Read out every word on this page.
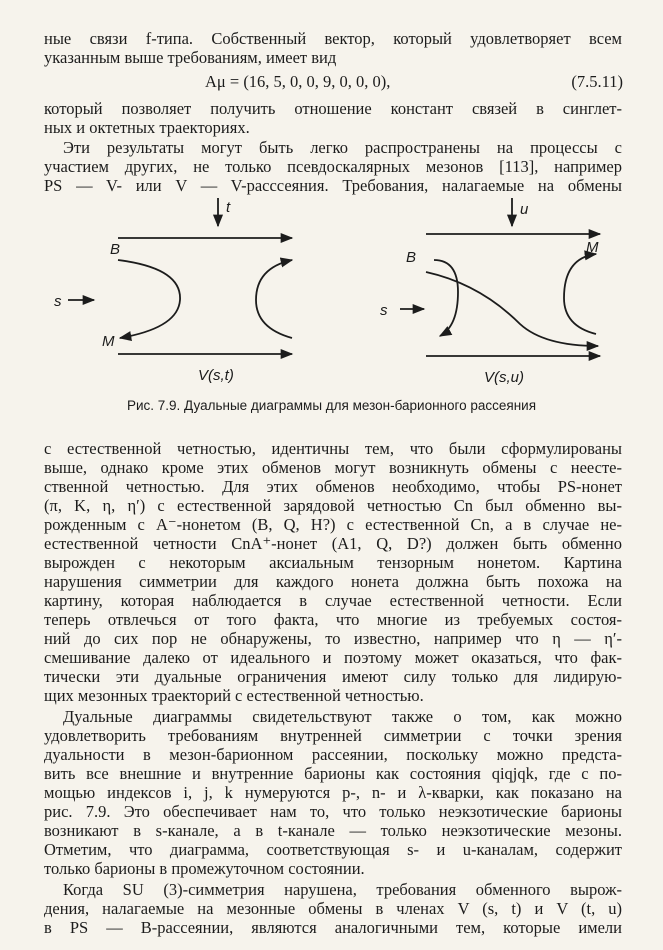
ные связи f-типа. Собственный вектор, который удовлетворяет всем
указанным выше требованиям, имеет вид
Aμ = (16, 5, 0, 0, 9, 0, 0, 0),	(7.5.11)
который позволяет получить отношение констант связей в синглет-
ных и октетных траекториях.
Эти результаты могут быть легко распространены на процессы с
участием других, не только псевдоскалярных мезонов [113], например
PS — V- или V — V-расссеяния. Требования, налагаемые на обмены
t
B
s
M
V(s,t)
u
B
s
M
V(s,u)
Рис. 7.9. Дуальные диаграммы для мезон-барионного рассеяния
с естественной четностью, идентичны тем, что были сформулированы
выше, однако кроме этих обменов могут возникнуть обмены с неесте-
ственной четностью. Для этих обменов необходимо, чтобы PS-нонет
(π, K, η, η′) с естественной зарядовой четностью Cn был обменно вы-
рожденным с A⁻-нонетом (B, Q, H?) с естественной Cn, а в случае не-
естественной четности CnA⁺-нонет (A1, Q, D?) должен быть обменно
вырожден с некоторым аксиальным тензорным нонетом. Картина
нарушения симметрии для каждого нонета должна быть похожа на
картину, которая наблюдается в случае естественной четности. Если
теперь отвлечься от того факта, что многие из требуемых состоя-
ний до сих пор не обнаружены, то известно, например что η — η′-
смешивание далеко от идеального и поэтому может оказаться, что фак-
тически эти дуальные ограничения имеют силу только для лидирую-
щих мезонных траекторий с естественной четностью.
Дуальные диаграммы свидетельствуют также о том, как можно
удовлетворить требованиям внутренней симметрии с точки зрения
дуальности в мезон-барионном рассеянии, поскольку можно предста-
вить все внешние и внутренние барионы как состояния qiqjqk, где с по-
мощью индексов i, j, k нумеруются p-, n- и λ-кварки, как показано на
рис. 7.9. Это обеспечивает нам то, что только неэкзотические барионы
возникают в s-канале, а в t-канале — только неэкзотические мезоны.
Отметим, что диаграмма, соответствующая s- и u-каналам, содержит
только барионы в промежуточном состоянии.
Когда SU (3)-симметрия нарушена, требования обменного вырож-
дения, налагаемые на мезонные обмены в членах V (s, t) и V (t, u)
в PS — B-рассеянии, являются аналогичными тем, которые имели
